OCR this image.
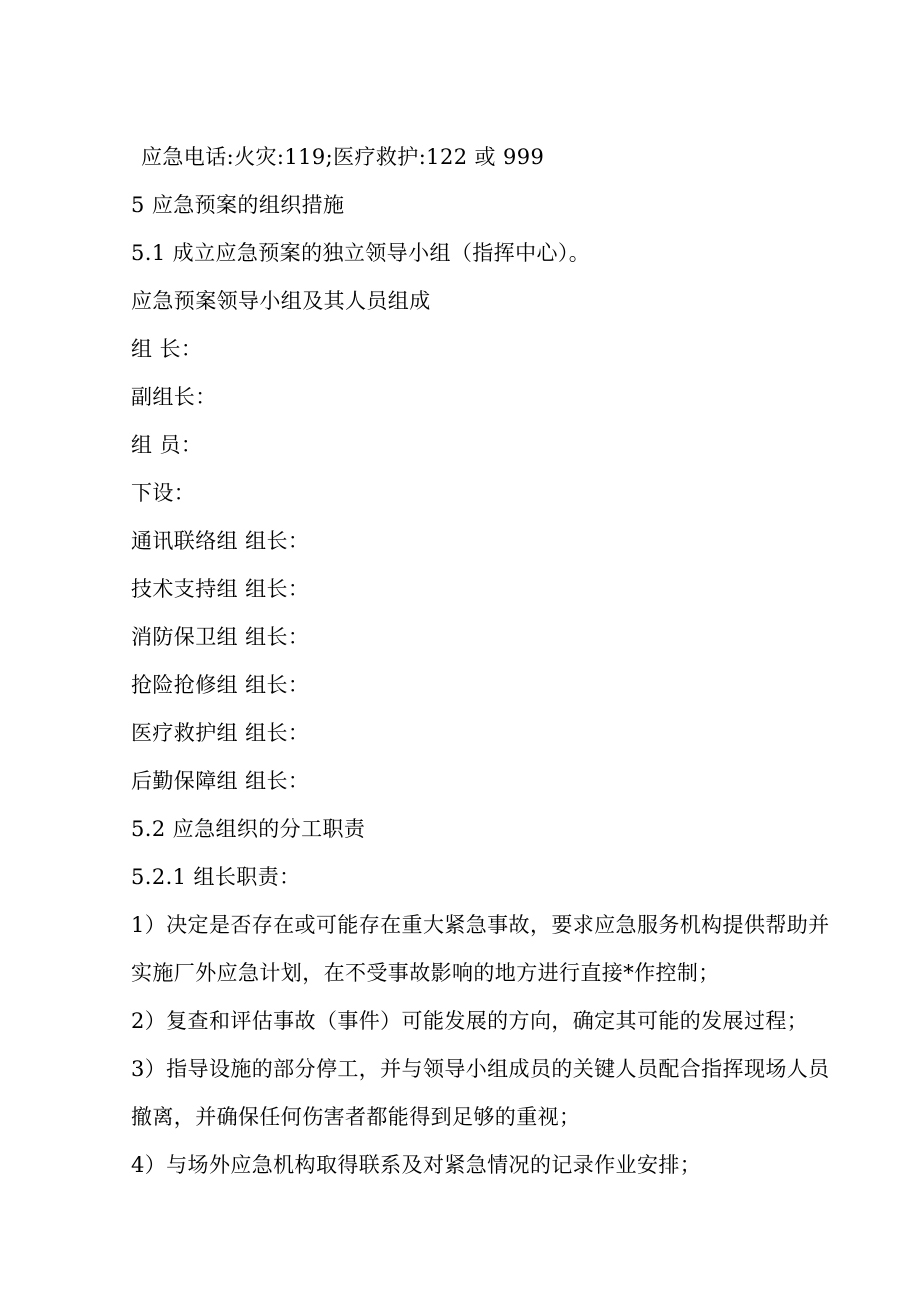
应急电话:火灾:119;医疗救护:122 或 999

5 应急预案的组织措施

5.1 成立应急预案的独立领导小组（指挥中心）。

应急预案领导小组及其人员组成

组 长：

副组长：

组 员：

下设：

通讯联络组 组长：

技术支持组 组长：

消防保卫组 组长：

抢险抢修组 组长：

医疗救护组 组长：

后勤保障组 组长：

5.2 应急组织的分工职责

5.2.1 组长职责：

1）决定是否存在或可能存在重大紧急事故，要求应急服务机构提供帮助并

实施厂外应急计划，在不受事故影响的地方进行直接*作控制；

2）复查和评估事故（事件）可能发展的方向，确定其可能的发展过程；

3）指导设施的部分停工，并与领导小组成员的关键人员配合指挥现场人员

撤离，并确保任何伤害者都能得到足够的重视；

4）与场外应急机构取得联系及对紧急情况的记录作业安排；
